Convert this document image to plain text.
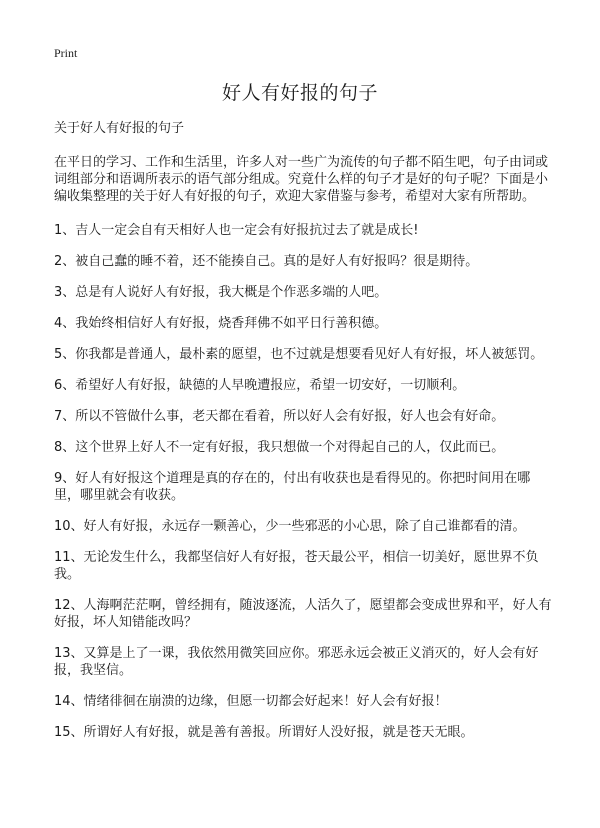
Print
好人有好报的句子

关于好人有好报的句子

在平日的学习、工作和生活里，许多人对一些广为流传的句子都不陌生吧，句子由词或词组部分和语调所表示的语气部分组成。究竟什么样的句子才是好的句子呢？下面是小编收集整理的关于好人有好报的句子，欢迎大家借鉴与参考，希望对大家有所帮助。

1、吉人一定会自有天相好人也一定会有好报抗过去了就是成长!

2、被自己蠢的睡不着，还不能揍自己。真的是好人有好报吗？很是期待。

3、总是有人说好人有好报，我大概是个作恶多端的人吧。

4、我始终相信好人有好报，烧香拜佛不如平日行善积德。

5、你我都是普通人，最朴素的愿望，也不过就是想要看见好人有好报，坏人被惩罚。

6、希望好人有好报，缺德的人早晚遭报应，希望一切安好，一切顺利。

7、所以不管做什么事，老天都在看着，所以好人会有好报，好人也会有好命。

8、这个世界上好人不一定有好报，我只想做一个对得起自己的人，仅此而已。

9、好人有好报这个道理是真的存在的，付出有收获也是看得见的。你把时间用在哪里，哪里就会有收获。

10、好人有好报，永远存一颗善心，少一些邪恶的小心思，除了自己谁都看的清。

11、无论发生什么，我都坚信好人有好报，苍天最公平，相信一切美好，愿世界不负我。

12、人海啊茫茫啊，曾经拥有，随波逐流，人活久了，愿望都会变成世界和平，好人有好报，坏人知错能改吗？

13、又算是上了一课，我依然用微笑回应你。邪恶永远会被正义消灭的，好人会有好报，我坚信。

14、情绪徘徊在崩溃的边缘，但愿一切都会好起来！好人会有好报！

15、所谓好人有好报，就是善有善报。所谓好人没好报，就是苍天无眼。
